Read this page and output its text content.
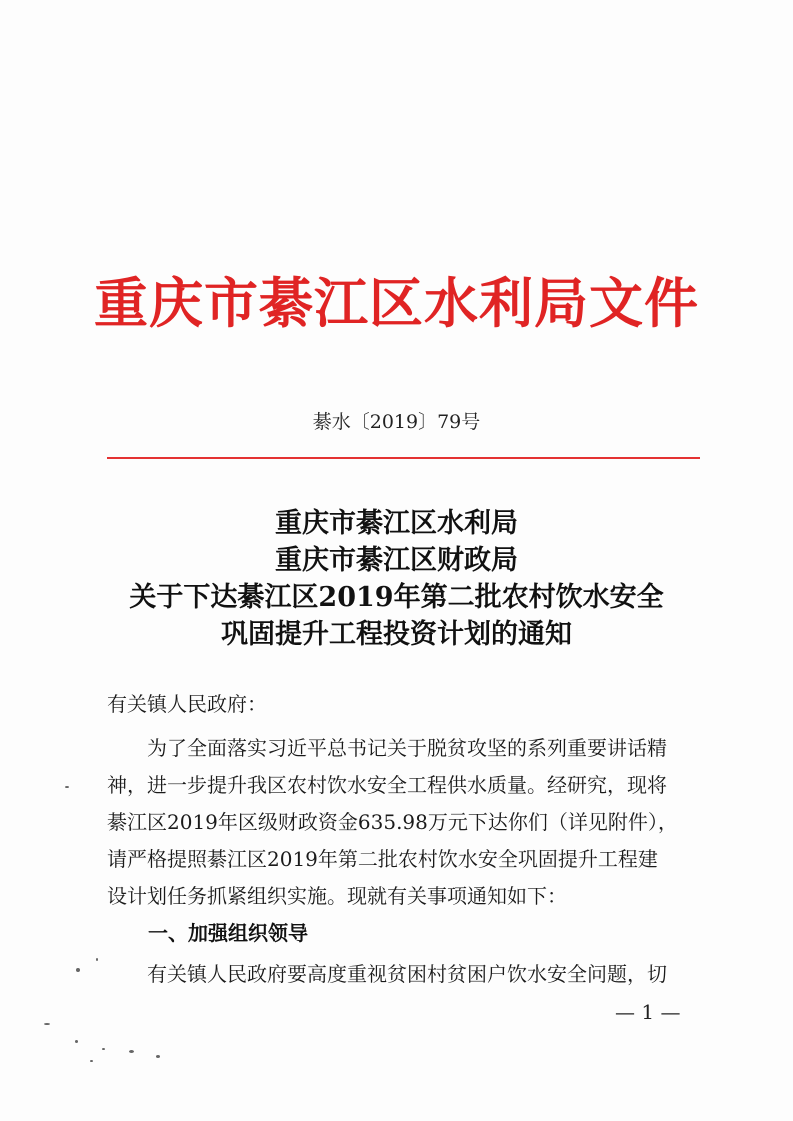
重庆市綦江区水利局文件
綦水〔2019〕79号
重庆市綦江区水利局
重庆市綦江区财政局
关于下达綦江区2019年第二批农村饮水安全
巩固提升工程投资计划的通知
有关镇人民政府：
为了全面落实习近平总书记关于脱贫攻坚的系列重要讲话精
神，进一步提升我区农村饮水安全工程供水质量。经研究，现将
綦江区2019年区级财政资金635.98万元下达你们（详见附件），
请严格提照綦江区2019年第二批农村饮水安全巩固提升工程建
设计划任务抓紧组织实施。现就有关事项通知如下：
一、加强组织领导
有关镇人民政府要高度重视贫困村贫困户饮水安全问题，切
— 1 —
